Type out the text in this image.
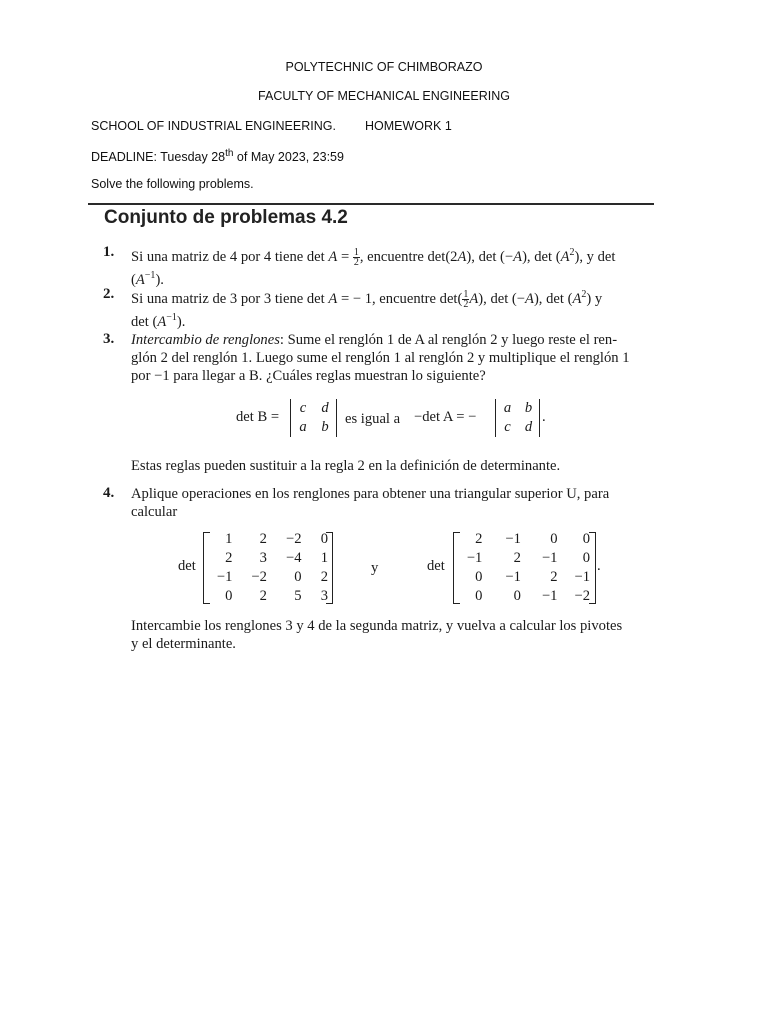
POLYTECHNIC OF CHIMBORAZO
FACULTY OF MECHANICAL ENGINEERING
SCHOOL OF INDUSTRIAL ENGINEERING. HOMEWORK 1
DEADLINE: Tuesday 28th of May 2023, 23:59
Solve the following problems.
Conjunto de problemas 4.2
1. Si una matriz de 4 por 4 tiene $\det A = \frac{1}{2}$ , encuentre det(2A), det (−A), $\det (A^2)$, y det
$(A^{-1})$.
2. Si una matriz de 3 por 3 tiene det A = − 1, encuentre $\det( \frac{1}{2} A)$, det (−A), $\det (A^2)$ y
$\det (A^{-1})$.
3. Intercambio de renglones: Sume el renglón 1 de A al renglón 2 y luego reste el ren-
glón 2 del renglón 1. Luego sume el renglón 1 al renglón 2 y multiplique el renglón 1
por −1 para llegar a B. ¿Cuáles reglas muestran lo siguiente?
det B =
c	d
a	b es igual a −det A = −
a	b
c	d
.
Estas reglas pueden sustituir a la regla 2 en la definición de determinante.
4. Aplique operaciones en los renglones para obtener una triangular superior U, para
calcular
det
1	2	−2	0
2	3	−4	1
−1	−2	0	2
0	2	5	3
y	det
2	−1	0	0
−1	2	−1	0
0	−1	2	−1
0	0	−1	−2
.
Intercambie los renglones 3 y 4 de la segunda matriz, y vuelva a calcular los pivotes
y el determinante.
